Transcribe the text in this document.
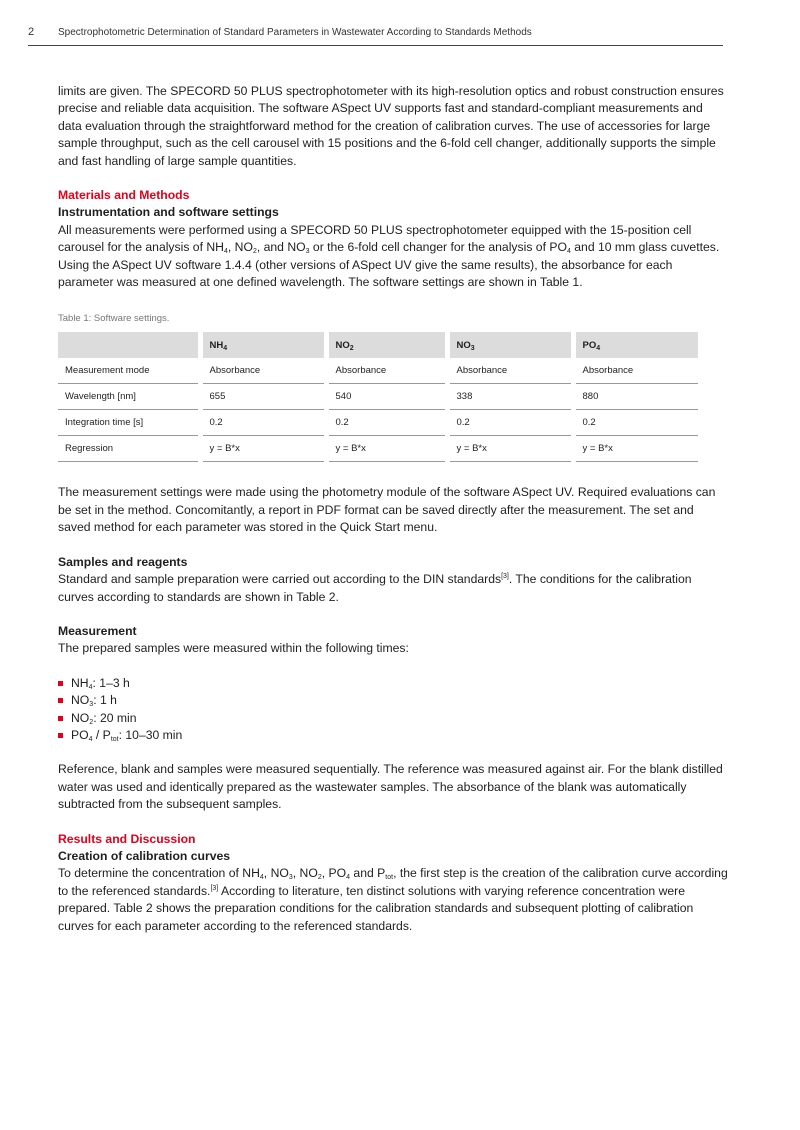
2 Spectrophotometric Determination of Standard Parameters in Wastewater According to Standards Methods

limits are given. The SPECORD 50 PLUS spectrophotometer with its high-resolution optics and robust construction ensures precise and reliable data acquisition. The software ASpect UV supports fast and standard-compliant measurements and data evaluation through the straightforward method for the creation of calibration curves. The use of accessories for large sample throughput, such as the cell carousel with 15 positions and the 6-fold cell changer, additionally supports the simple and fast handling of large sample quantities.

Materials and Methods
Instrumentation and software settings

All measurements were performed using a SPECORD 50 PLUS spectrophotometer equipped with the 15-position cell carousel for the analysis of $NH_4$, $NO_2$, and $NO_3$ or the 6-fold cell changer for the analysis of $PO_4$ and 10 mm glass cuvettes. Using the ASpect UV software 1.4.4 (other versions of ASpect UV give the same results), the absorbance for each parameter was measured at one defined wavelength. The software settings are shown in Table 1.

Table 1: Software settings.

	$NH_4$	$NO_2$	$NO_3$	$PO_4$
Measurement mode	Absorbance	Absorbance	Absorbance	Absorbance
Wavelength [nm]	655	540	338	880
Integration time [s]	0.2	0.2	0.2	0.2
Regression	y = B*x	y = B*x	y = B*x	y = B*x

The measurement settings were made using the photometry module of the software ASpect UV. Required evaluations can be set in the method. Concomitantly, a report in PDF format can be saved directly after the measurement. The set and saved method for each parameter was stored in the Quick Start menu.

Samples and reagents

Standard and sample preparation were carried out according to the DIN standards[3]. The conditions for the calibration curves according to standards are shown in Table 2.

Measurement

The prepared samples were measured within the following times:

$NH_4$: 1–3 h
$NO_3$: 1 h
$NO_2$: 20 min
$PO_4 / P_{tot}$: 10–30 min

Reference, blank and samples were measured sequentially. The reference was measured against air. For the blank distilled water was used and identically prepared as the wastewater samples. The absorbance of the blank was automatically subtracted from the subsequent samples.

Results and Discussion
Creation of calibration curves

To determine the concentration of $NH_4$, $NO_3$, $NO_2$, $PO_4$ and $P_{tot}$, the first step is the creation of the calibration curve according to the referenced standards.[3] According to literature, ten distinct solutions with varying reference concentration were prepared. Table 2 shows the preparation conditions for the calibration standards and subsequent plotting of calibration curves for each parameter according to the referenced standards.
